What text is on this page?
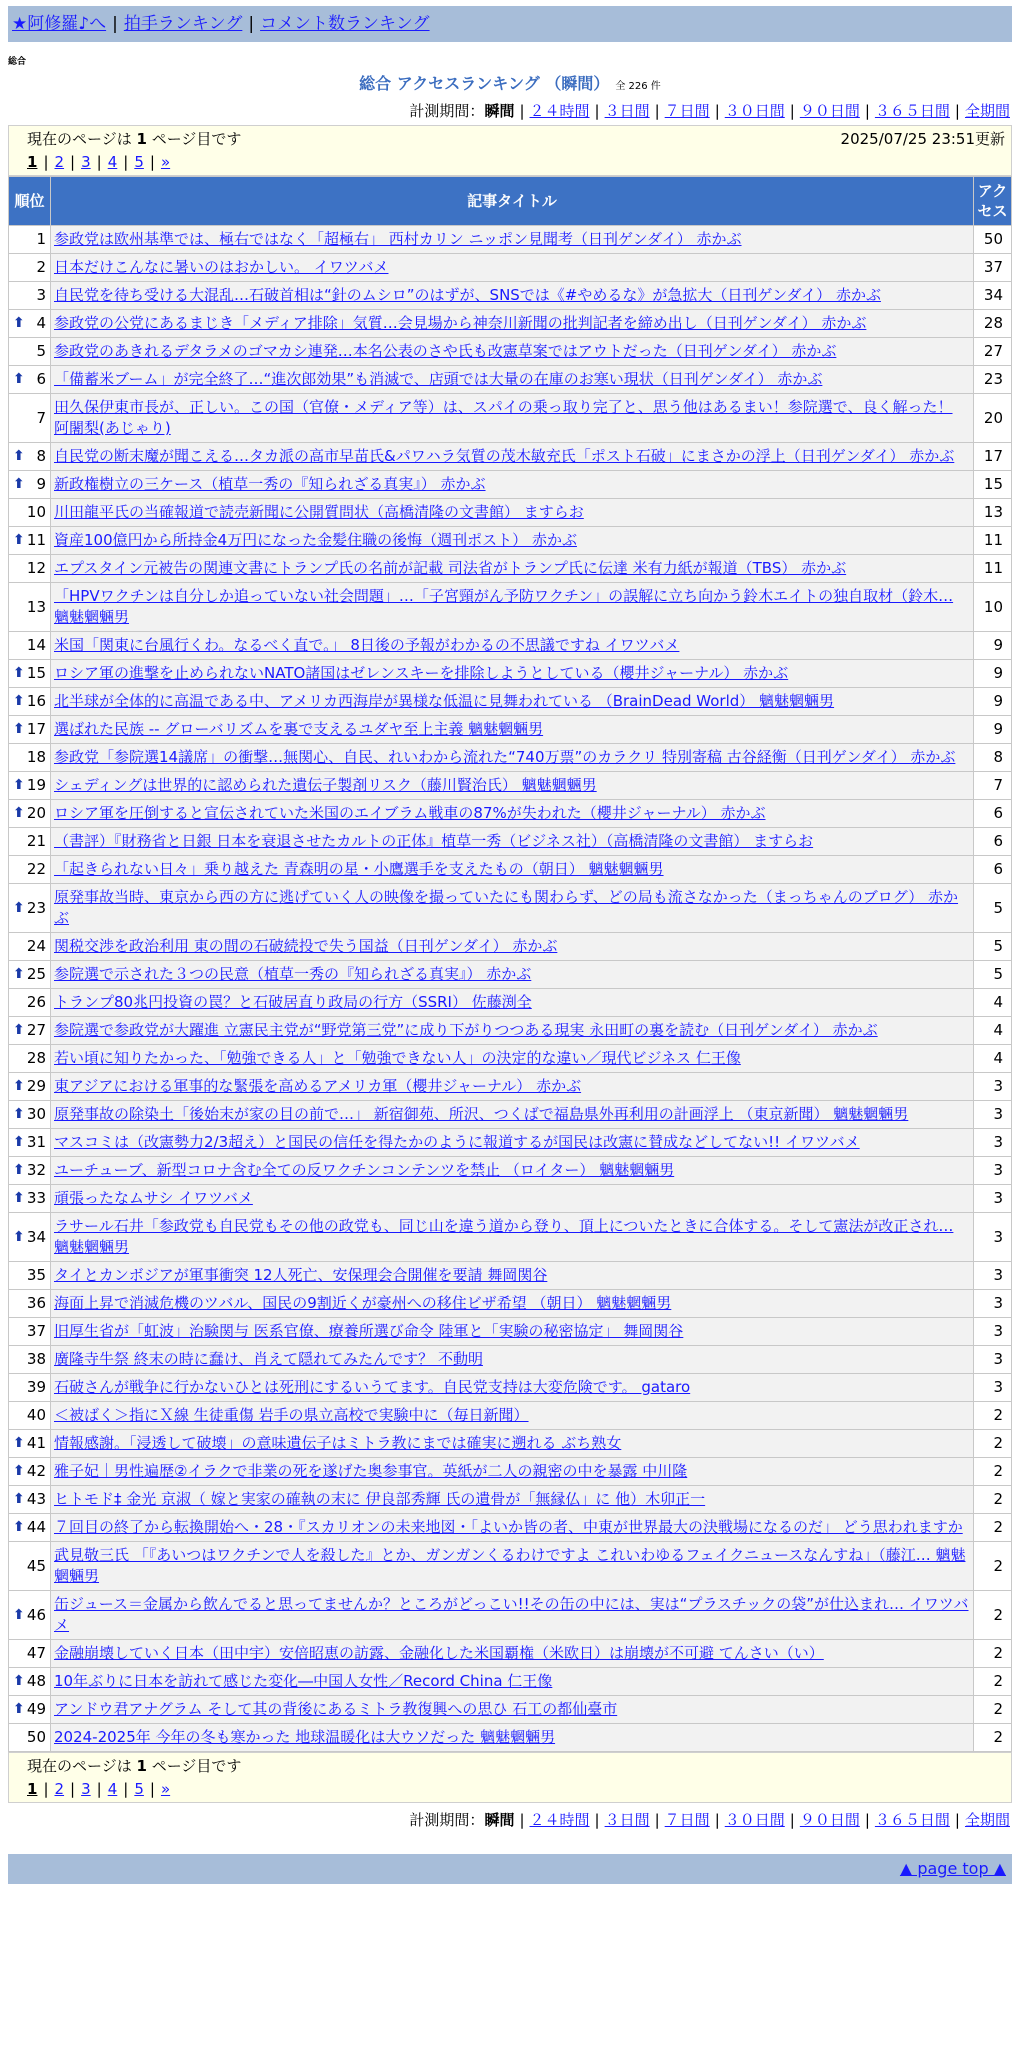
★阿修羅♪へ | 拍手ランキング | コメント数ランキング
総合
総合 アクセスランキング （瞬間） 全 226 件
計測期間：瞬間 | ２４時間 | ３日間 | ７日間 | ３０日間 | ９０日間 | ３６５日間 | 全期間
現在のページは 1 ページ目です	2025/07/25 23:51更新
1 | 2 | 3 | 4 | 5 | »
順位	記事タイトル	アクセス
1	参政党は欧州基準では、極右ではなく「超極右」 西村カリン ニッポン見聞考（日刊ゲンダイ） 赤かぶ	50
2	日本だけこんなに暑いのはおかしい。 イワツバメ	37
3	自民党を待ち受ける大混乱…石破首相は“針のムシロ”のはずが、SNSでは《#やめるな》が急拡大（日刊ゲンダイ） 赤かぶ	34

⬆ 4	参政党の公党にあるまじき「メディア排除」気質…会見場から神奈川新聞の批判記者を締め出し（日刊ゲンダイ） 赤かぶ	28
5	参政党のあきれるデタラメのゴマカシ連発…本名公表のさや氏も改憲草案ではアウトだった（日刊ゲンダイ） 赤かぶ	27

⬆ 6	「備蓄米ブーム」が完全終了…“進次郎効果”も消滅で、店頭では大量の在庫のお寒い現状（日刊ゲンダイ） 赤かぶ	23
7	田久保伊東市長が、正しい。この国（官僚・メディア等）は、スパイの乗っ取り完了と、思う他はあるまい！参院選で、良く解った！ 阿闍梨(あじゃり)	20

⬆ 8	自民党の断末魔が聞こえる…タカ派の高市早苗氏&パワハラ気質の茂木敏充氏「ポスト石破」にまさかの浮上（日刊ゲンダイ） 赤かぶ	17

⬆ 9	新政権樹立の三ケース（植草一秀の『知られざる真実』） 赤かぶ	15
10	川田龍平氏の当確報道で読売新聞に公開質問状（高橋清隆の文書館） ますらお	13

⬆ 11	資産100億円から所持金4万円になった金髪住職の後悔（週刊ポスト） 赤かぶ	11
12	エプスタイン元被告の関連文書にトランプ氏の名前が記載 司法省がトランプ氏に伝達 米有力紙が報道（TBS） 赤かぶ	11
13	「HPVワクチンは自分しか追っていない社会問題」…「子宮頸がん予防ワクチン」の誤解に立ち向かう鈴木エイトの独自取材（鈴木… 魑魅魍魎男	10
14	米国「関東に台風行くわ。なるべく直で。」 8日後の予報がわかるの不思議ですね イワツバメ	9

⬆ 15	ロシア軍の進撃を止められないNATO諸国はゼレンスキーを排除しようとしている（櫻井ジャーナル） 赤かぶ	9

⬆ 16	北半球が全体的に高温である中、アメリカ西海岸が異様な低温に見舞われている （BrainDead World） 魑魅魍魎男	9

⬆ 17	選ばれた民族 -- グローバリズムを裏で支えるユダヤ至上主義 魑魅魍魎男	9
18	参政党「参院選14議席」の衝撃…無関心、自民、れいわから流れた“740万票”のカラクリ 特別寄稿 古谷経衡（日刊ゲンダイ） 赤かぶ	8

⬆ 19	シェディングは世界的に認められた遺伝子製剤リスク（藤川賢治氏） 魑魅魍魎男	7

⬆ 20	ロシア軍を圧倒すると宣伝されていた米国のエイブラム戦車の87%が失われた（櫻井ジャーナル） 赤かぶ	6
21	（書評）『財務省と日銀 日本を衰退させたカルトの正体』植草一秀（ビジネス社）（高橋清隆の文書館） ますらお	6
22	「起きられない日々」乗り越えた 青森明の星・小鷹選手を支えたもの（朝日） 魑魅魍魎男	6

⬆ 23	原発事故当時、東京から西の方に逃げていく人の映像を撮っていたにも関わらず、どの局も流さなかった（まっちゃんのブログ） 赤かぶ	5
24	関税交渉を政治利用 東の間の石破続投で失う国益（日刊ゲンダイ） 赤かぶ	5

⬆ 25	参院選で示された３つの民意（植草一秀の『知られざる真実』） 赤かぶ	5
26	トランプ80兆円投資の罠？と石破居直り政局の行方（SSRI） 佐藤渕全	4

⬆ 27	参院選で参政党が大躍進 立憲民主党が“野党第三党”に成り下がりつつある現実 永田町の裏を読む（日刊ゲンダイ） 赤かぶ	4
28	若い頃に知りたかった、「勉強できる人」と「勉強できない人」の決定的な違い／現代ビジネス 仁王像	4

⬆ 29	東アジアにおける軍事的な緊張を高めるアメリカ軍（櫻井ジャーナル） 赤かぶ	3

⬆ 30	原発事故の除染土「後始末が家の目の前で…」 新宿御苑、所沢、つくばで福島県外再利用の計画浮上 （東京新聞） 魑魅魍魎男	3

⬆ 31	マスコミは（改憲勢力2/3超え）と国民の信任を得たかのように報道するが国民は改憲に賛成などしてない!! イワツバメ	3

⬆ 32	ユーチューブ、新型コロナ含む全ての反ワクチンコンテンツを禁止 （ロイター） 魑魅魍魎男	3

⬆ 33	頑張ったなムサシ イワツバメ	3

⬆ 34	ラサール石井「参政党も自民党もその他の政党も、同じ山を違う道から登り、頂上についたときに合体する。そして憲法が改正され… 魑魅魍魎男	3
35	タイとカンボジアが軍事衝突 12人死亡、安保理会合開催を要請 舞岡関谷	3
36	海面上昇で消滅危機のツバル、国民の9割近くが豪州への移住ビザ希望 （朝日） 魑魅魍魎男	3
37	旧厚生省が「虹波」治験関与 医系官僚、療養所選び命令 陸軍と「実験の秘密協定」 舞岡関谷	3
38	廣隆寺牛祭 終末の時に蠢け、肖えて隠れてみたんです？ 不動明	3
39	石破さんが戦争に行かないひとは死刑にするいうてます。自民党支持は大変危険です。 gataro	3
40	＜被ばく＞指にＸ線 生徒重傷 岩手の県立高校で実験中に（毎日新聞）	2

⬆ 41	情報感謝。「浸透して破壊」の意味遺伝子はミトラ教にまでは確実に遡れる ぶち熟女	2

⬆ 42	雅子妃｜男性遍歴②イラクで非業の死を遂げた奥参事官。英紙が二人の親密の中を暴露 中川隆	2

⬆ 43	ヒトモド‡ 金光 京淑（ 嫁と実家の確執の末に 伊良部秀輝 氏の遺骨が「無縁仏」に 他）木卯正一	2

⬆ 44	７回目の終了から転換開始へ・28・『スカリオンの未来地図・「よいか皆の者、中東が世界最大の決戦場になるのだ」 どう思われますか	2
45	武見敬三氏 「『あいつはワクチンで人を殺した』とか、ガンガンくるわけですよ これいわゆるフェイクニュースなんすね」（藤江… 魑魅魍魎男	2

⬆ 46	缶ジュース＝金属から飲んでると思ってませんか？ところがどっこい!!その缶の中には、実は“プラスチックの袋”が仕込まれ… イワツバメ	2
47	金融崩壊していく日本（田中宇）安倍昭恵の訪露、金融化した米国覇権（米欧日）は崩壊が不可避 てんさい（い）	2

⬆ 48	10年ぶりに日本を訪れて感じた変化―中国人女性／Record China 仁王像	2

⬆ 49	アンドウ君アナグラム そして其の背後にあるミトラ教復興への思ひ 石工の都仙臺市	2
50	2024-2025年 今年の冬も寒かった 地球温暖化は大ウソだった 魑魅魍魎男	2
現在のページは 1 ページ目です
1 | 2 | 3 | 4 | 5 | »
計測期間：瞬間 | ２４時間 | ３日間 | ７日間 | ３０日間 | ９０日間 | ３６５日間 | 全期間
▲ page top ▲
